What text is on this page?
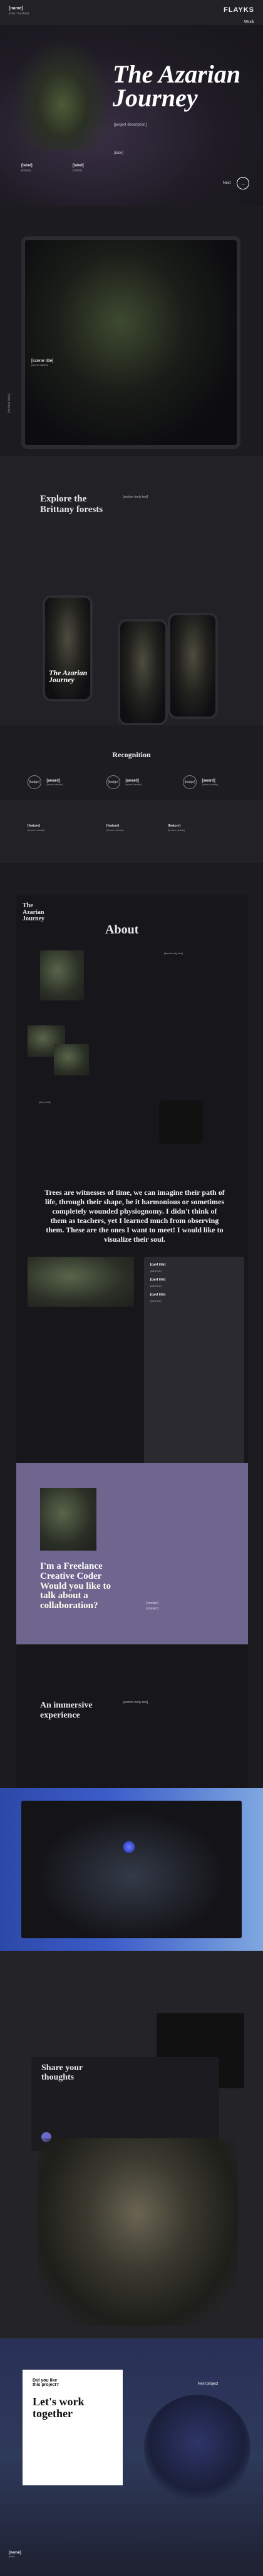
[name]
[role / location]	FLAYKS
Work
The Azarian
Journey
[project description]
[date]
[label]
[value]
[label]
[value]
Next	→
[scene title]
[scene caption]
[vertical label]
Explore the
Brittany forests
[section body text]
The Azarian Journey
Recognition
[badge] [award]
[award details]	[badge] [award]
[award details]	[badge] [award]
[award details]
[feature]
[feature details]
[feature]
[feature details]
[feature]
[feature details]
The
Azarian
Journey
About
[about body text]
[story text]
Trees are witnesses of time, we can imagine their path of life, through their shape, be it harmonious or sometimes completely wounded physiognomy. I didn't think of them as teachers, yet I learned much from observing them. These are the ones I want to meet! I would like to visualize their soul.
[card title]
[card text]
[card title]
[card text]
[card title]
[card text]
I'm a Freelance
Creative Coder
Would you like to
talk about a
collaboration?	[contact]
[contact]
An immersive
experience
[section body text]
Share your
thoughts
Did you like
this project?
Let's work
together
Next project
[name]
[role]
